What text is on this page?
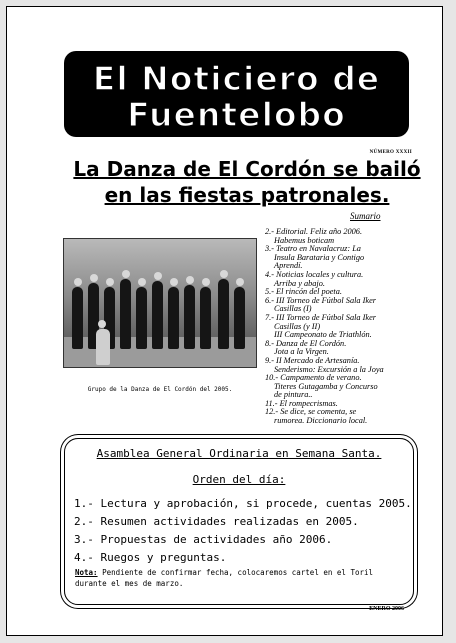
El Noticiero de
Fuentelobo
NÚMERO XXXII
La Danza de El Cordón se bailó
en las fiestas patronales.
Grupo de la Danza de El Cordón del 2005.
Sumario
2.- Editorial. Feliz año 2006.
Habemus boticam
3.- Teatro en Navalacruz: La
Insula Barataria y Contigo
Aprendí.
4.- Noticias locales y cultura.
Arriba y abajo.
5.- El rincón del poeta.
6.- III Torneo de Fútbol Sala Iker
Casillas (I)
7.- III Torneo de Fútbol Sala Iker
Casillas (y II)
III Campeonato de Triathlón.
8.- Danza de El Cordón.
Jota a la Virgen.
9.- II Mercado de Artesanía.
Senderismo: Excursión a la Joya
10.- Campamento de verano.
Titeres Gutagamba y Concurso
de pintura..
11.- El rompecrismas.
12.- Se dice, se comenta, se
rumorea. Diccionario local.
Asamblea General Ordinaria en Semana Santa.
Orden del día:
1.- Lectura y aprobación, si procede, cuentas 2005.
2.- Resumen actividades realizadas en 2005.
3.- Propuestas de actividades año 2006.
4.- Ruegos y preguntas.
Nota: Pendiente de confirmar fecha, colocaremos cartel en el Toril durante el mes de marzo.
ENERO 2006
